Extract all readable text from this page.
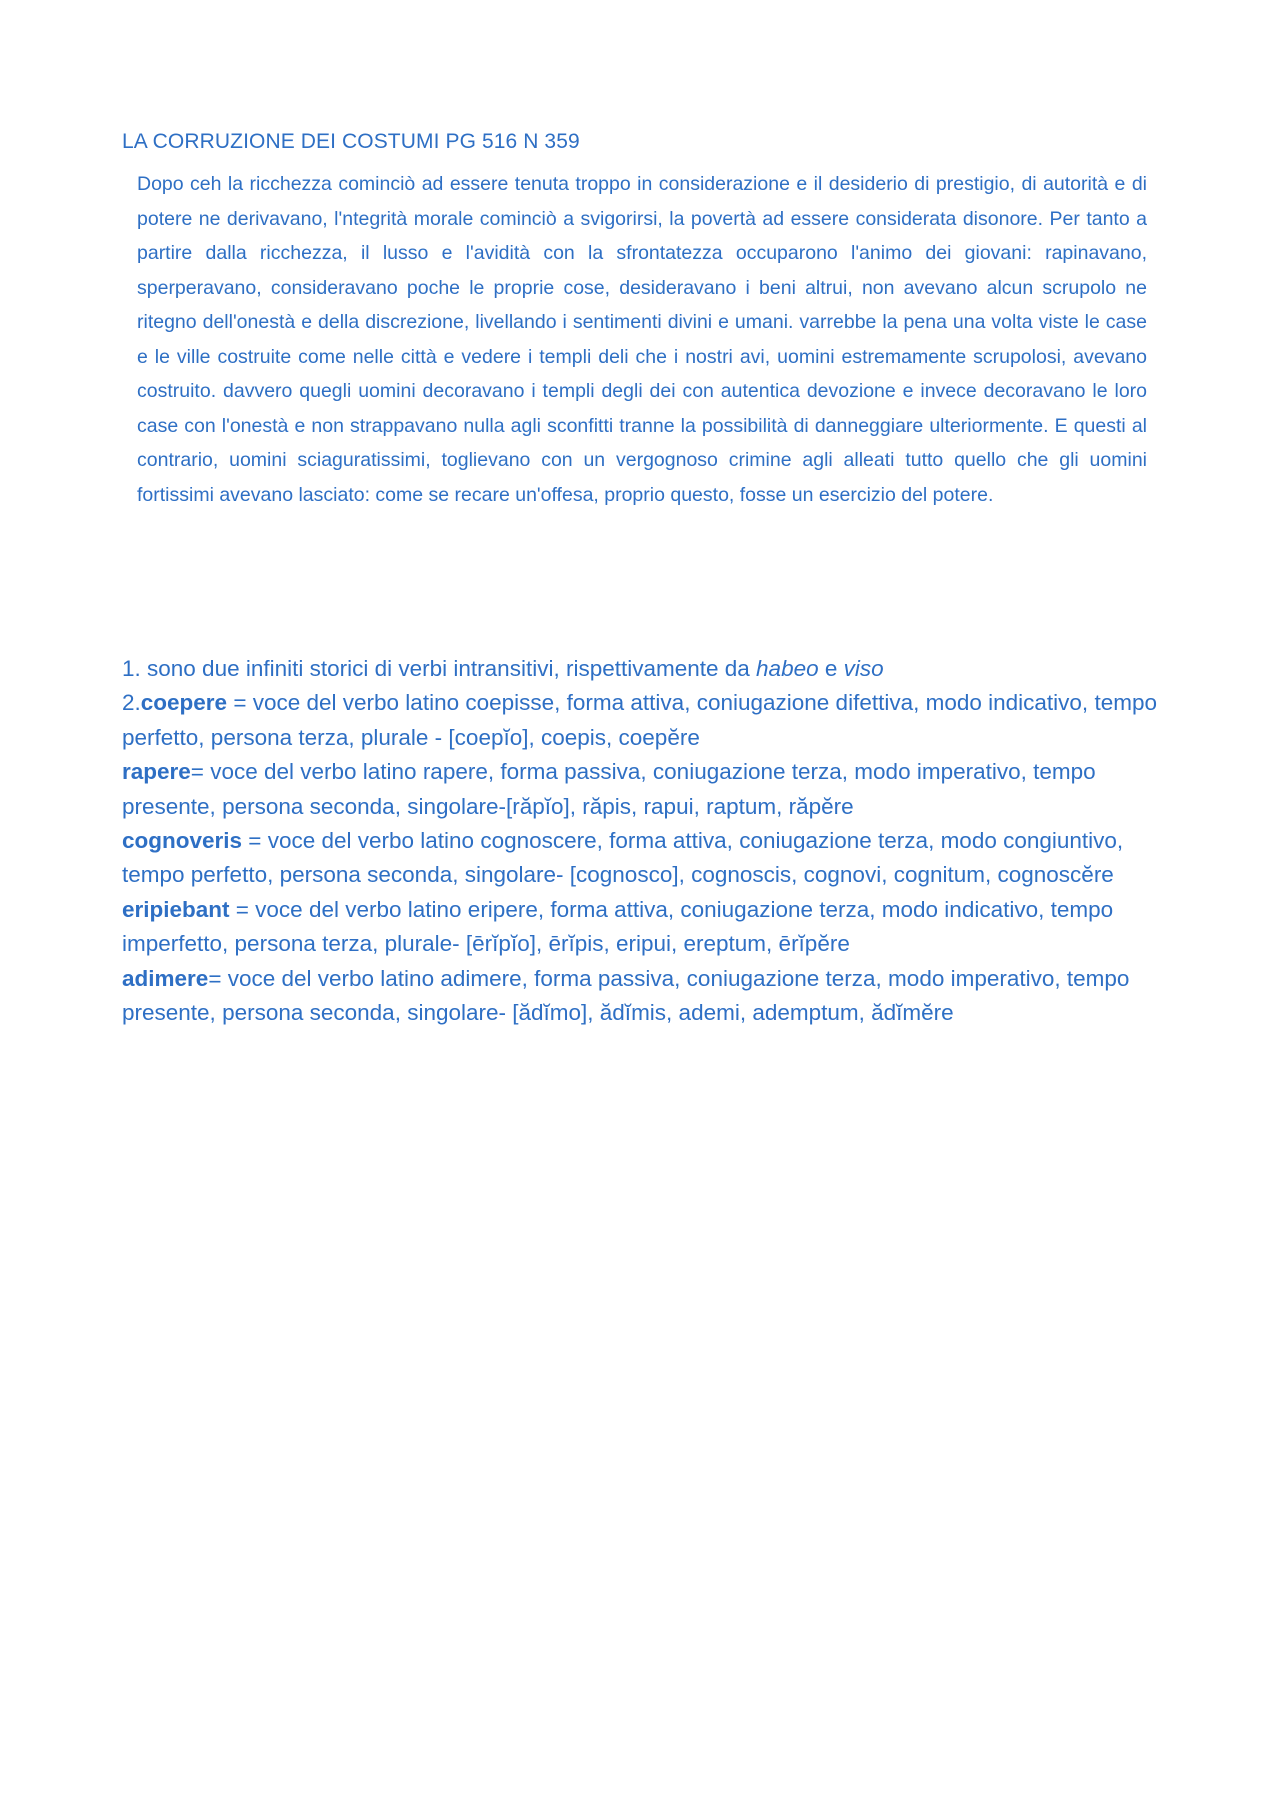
LA CORRUZIONE DEI COSTUMI PG 516 N 359

Dopo ceh la ricchezza cominciò ad essere tenuta troppo in considerazione e il desiderio di prestigio, di autorità e di potere ne derivavano, l'ntegrità morale cominciò a svigorirsi, la povertà ad essere considerata disonore. Per tanto a partire dalla ricchezza, il lusso e l'avidità con la sfrontatezza occuparono l'animo dei giovani: rapinavano, sperperavano, consideravano poche le proprie cose, desideravano i beni altrui, non avevano alcun scrupolo ne ritegno dell'onestà e della discrezione, livellando i sentimenti divini e umani. varrebbe la pena una volta viste le case e le ville costruite come nelle città e vedere i templi deli che i nostri avi, uomini estremamente scrupolosi, avevano costruito. davvero quegli uomini decoravano i templi degli dei con autentica devozione e invece decoravano le loro case con l'onestà e non strappavano nulla agli sconfitti tranne la possibilità di danneggiare ulteriormente. E questi al contrario, uomini sciaguratissimi, toglievano con un vergognoso crimine agli alleati tutto quello che gli uomini fortissimi avevano lasciato: come se recare un'offesa, proprio questo, fosse un esercizio del potere.

1. sono due infiniti storici di verbi intransitivi, rispettivamente da habeo e viso
2.coepere = voce del verbo latino coepisse, forma attiva, coniugazione difettiva, modo indicativo, tempo perfetto, persona terza, plurale - [coepĭo], coepis, coepĕre
rapere= voce del verbo latino rapere, forma passiva, coniugazione terza, modo imperativo, tempo presente, persona seconda, singolare-[răpĭo], răpis, rapui, raptum, răpĕre
cognoveris = voce del verbo latino cognoscere, forma attiva, coniugazione terza, modo congiuntivo, tempo perfetto, persona seconda, singolare- [cognosco], cognoscis, cognovi, cognitum, cognoscĕre
eripiebant = voce del verbo latino eripere, forma attiva, coniugazione terza, modo indicativo, tempo imperfetto, persona terza, plurale- [ērĭpĭo], ērĭpis, eripui, ereptum, ērĭpĕre
adimere= voce del verbo latino adimere, forma passiva, coniugazione terza, modo imperativo, tempo presente, persona seconda, singolare- [ădĭmo], ădĭmis, ademi, ademptum, ădĭmĕre
